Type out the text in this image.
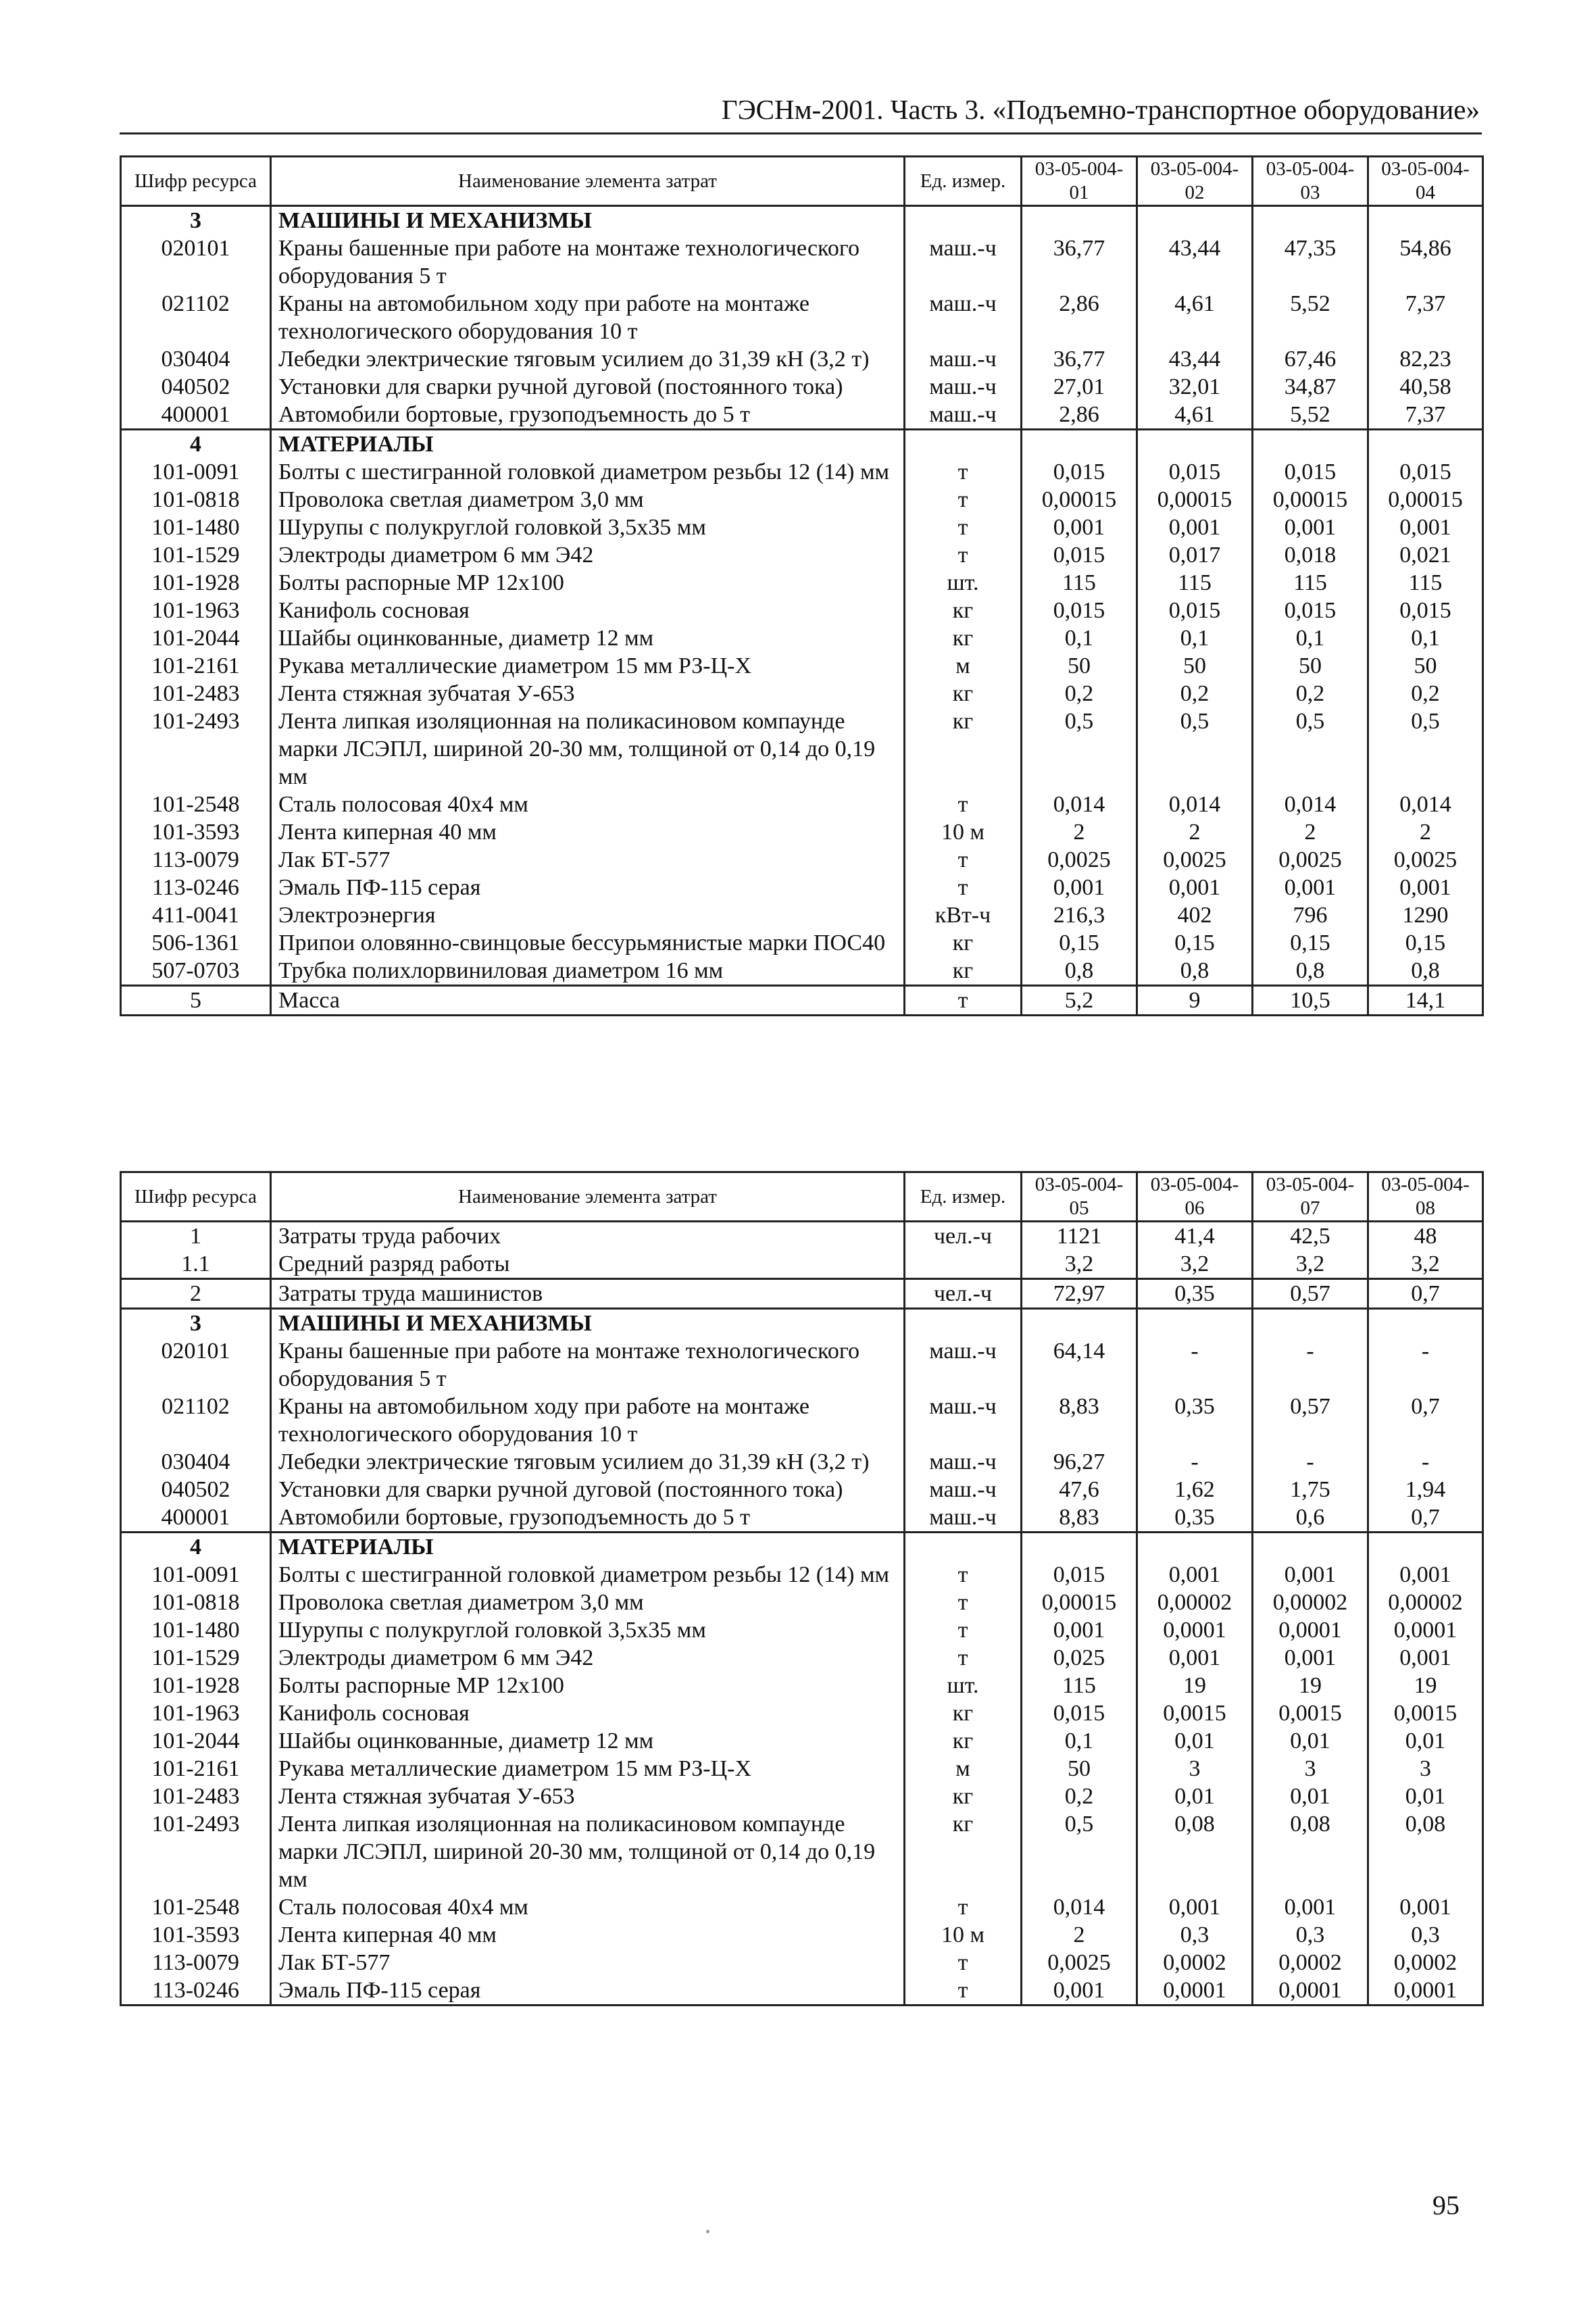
ГЭСНм-2001. Часть 3. «Подъемно-транспортное оборудование»
Шифр ресурса	Наименование элемента затрат	Ед. измер.	03-05-004-01	03-05-004-02	03-05-004-03	03-05-004-04
3	МАШИНЫ И МЕХАНИЗМЫ					
020101	Краны башенные при работе на монтаже технологического оборудования 5 т	маш.-ч	36,77	43,44	47,35	54,86
021102	Краны на автомобильном ходу при работе на монтаже технологического оборудования 10 т	маш.-ч	2,86	4,61	5,52	7,37
030404	Лебедки электрические тяговым усилием до 31,39 кН (3,2 т)	маш.-ч	36,77	43,44	67,46	82,23
040502	Установки для сварки ручной дуговой (постоянного тока)	маш.-ч	27,01	32,01	34,87	40,58
400001	Автомобили бортовые, грузоподъемность до 5 т	маш.-ч	2,86	4,61	5,52	7,37
4	МАТЕРИАЛЫ					
101-0091	Болты с шестигранной головкой диаметром резьбы 12 (14) мм	т	0,015	0,015	0,015	0,015
101-0818	Проволока светлая диаметром 3,0 мм	т	0,00015	0,00015	0,00015	0,00015
101-1480	Шурупы с полукруглой головкой 3,5x35 мм	т	0,001	0,001	0,001	0,001
101-1529	Электроды диаметром 6 мм Э42	т	0,015	0,017	0,018	0,021
101-1928	Болты распорные МР 12x100	шт.	115	115	115	115
101-1963	Канифоль сосновая	кг	0,015	0,015	0,015	0,015
101-2044	Шайбы оцинкованные, диаметр 12 мм	кг	0,1	0,1	0,1	0,1
101-2161	Рукава металлические диаметром 15 мм РЗ-Ц-Х	м	50	50	50	50
101-2483	Лента стяжная зубчатая У-653	кг	0,2	0,2	0,2	0,2
101-2493	Лента липкая изоляционная на поликасиновом компаунде марки ЛСЭПЛ, шириной 20-30 мм, толщиной от 0,14 до 0,19 мм	кг	0,5	0,5	0,5	0,5
101-2548	Сталь полосовая 40x4 мм	т	0,014	0,014	0,014	0,014
101-3593	Лента киперная 40 мм	10 м	2	2	2	2
113-0079	Лак БТ-577	т	0,0025	0,0025	0,0025	0,0025
113-0246	Эмаль ПФ-115 серая	т	0,001	0,001	0,001	0,001
411-0041	Электроэнергия	кВт-ч	216,3	402	796	1290
506-1361	Припои оловянно-свинцовые бессурьмянистые марки ПОС40	кг	0,15	0,15	0,15	0,15
507-0703	Трубка полихлорвиниловая диаметром 16 мм	кг	0,8	0,8	0,8	0,8
5	Масса	т	5,2	9	10,5	14,1
Шифр ресурса	Наименование элемента затрат	Ед. измер.	03-05-004-05	03-05-004-06	03-05-004-07	03-05-004-08
1	Затраты труда рабочих	чел.-ч	1121	41,4	42,5	48
1.1	Средний разряд работы		3,2	3,2	3,2	3,2
2	Затраты труда машинистов	чел.-ч	72,97	0,35	0,57	0,7
3	МАШИНЫ И МЕХАНИЗМЫ					
020101	Краны башенные при работе на монтаже технологического оборудования 5 т	маш.-ч	64,14	-	-	-
021102	Краны на автомобильном ходу при работе на монтаже технологического оборудования 10 т	маш.-ч	8,83	0,35	0,57	0,7
030404	Лебедки электрические тяговым усилием до 31,39 кН (3,2 т)	маш.-ч	96,27	-	-	-
040502	Установки для сварки ручной дуговой (постоянного тока)	маш.-ч	47,6	1,62	1,75	1,94
400001	Автомобили бортовые, грузоподъемность до 5 т	маш.-ч	8,83	0,35	0,6	0,7
4	МАТЕРИАЛЫ					
101-0091	Болты с шестигранной головкой диаметром резьбы 12 (14) мм	т	0,015	0,001	0,001	0,001
101-0818	Проволока светлая диаметром 3,0 мм	т	0,00015	0,00002	0,00002	0,00002
101-1480	Шурупы с полукруглой головкой 3,5x35 мм	т	0,001	0,0001	0,0001	0,0001
101-1529	Электроды диаметром 6 мм Э42	т	0,025	0,001	0,001	0,001
101-1928	Болты распорные МР 12x100	шт.	115	19	19	19
101-1963	Канифоль сосновая	кг	0,015	0,0015	0,0015	0,0015
101-2044	Шайбы оцинкованные, диаметр 12 мм	кг	0,1	0,01	0,01	0,01
101-2161	Рукава металлические диаметром 15 мм РЗ-Ц-Х	м	50	3	3	3
101-2483	Лента стяжная зубчатая У-653	кг	0,2	0,01	0,01	0,01
101-2493	Лента липкая изоляционная на поликасиновом компаунде марки ЛСЭПЛ, шириной 20-30 мм, толщиной от 0,14 до 0,19 мм	кг	0,5	0,08	0,08	0,08
101-2548	Сталь полосовая 40x4 мм	т	0,014	0,001	0,001	0,001
101-3593	Лента киперная 40 мм	10 м	2	0,3	0,3	0,3
113-0079	Лак БТ-577	т	0,0025	0,0002	0,0002	0,0002
113-0246	Эмаль ПФ-115 серая	т	0,001	0,0001	0,0001	0,0001
95
